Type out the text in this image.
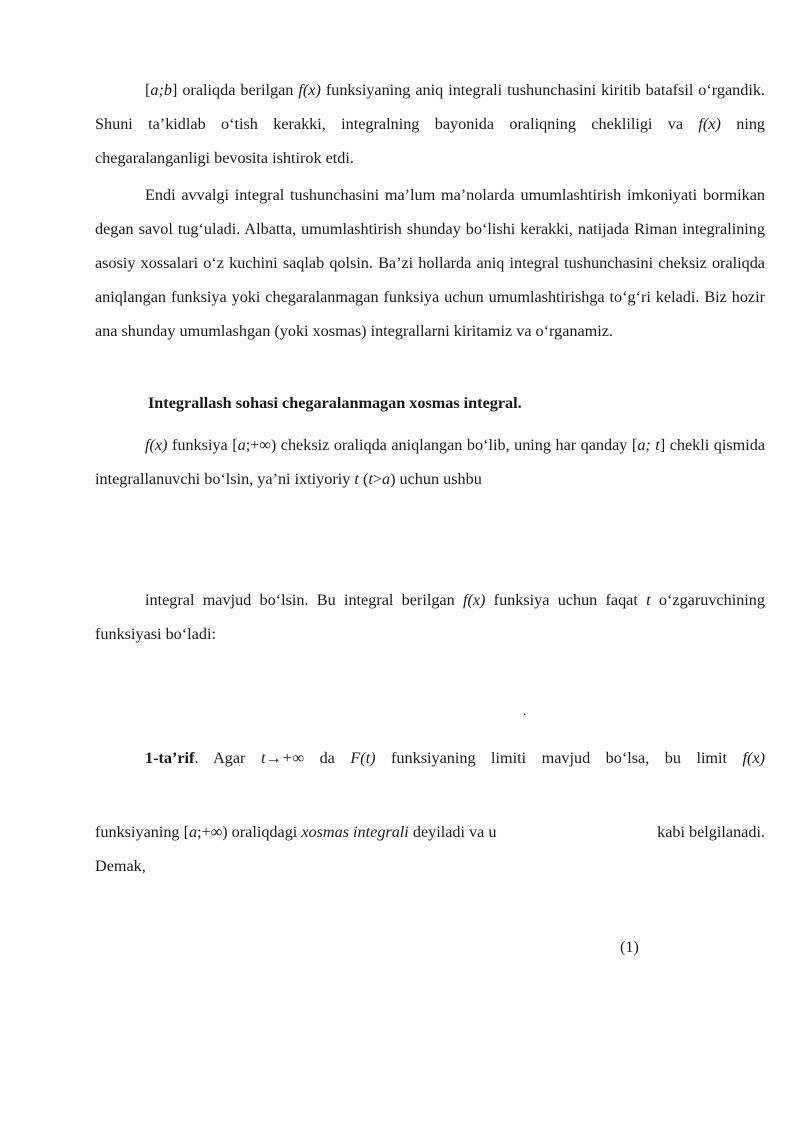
[a;b] oraliqda berilgan f(x) funksiyaning aniq integrali tushunchasini kiritib batafsil o‘rgandik. Shuni ta’kidlab o‘tish kerakki, integralning bayonida oraliqning chekliligi va f(x) ning chegaralanganligi bevosita ishtirok etdi.

Endi avvalgi integral tushunchasini ma’lum ma’nolarda umumlashtirish imkoniyati bormikan degan savol tug‘uladi. Albatta, umumlashtirish shunday bo‘lishi kerakki, natijada Riman integralining asosiy xossalari o‘z kuchini saqlab qolsin. Ba’zi hollarda aniq integral tushunchasini cheksiz oraliqda aniqlangan funksiya yoki chegaralanmagan funksiya uchun umumlashtirishga to‘g‘ri keladi. Biz hozir ana shunday umumlashgan (yoki xosmas) integrallarni kiritamiz va o‘rganamiz.

Integrallash sohasi chegaralanmagan xosmas integral.

f(x) funksiya [a;+∞) cheksiz oraliqda aniqlangan bo‘lib, uning har qanday [a; t] chekli qismida integrallanuvchi bo‘lsin, ya’ni ixtiyoriy t (t>a) uchun ushbu

integral mavjud bo‘lsin. Bu integral berilgan f(x) funksiya uchun faqat t o‘zgaruvchining funksiyasi bo‘ladi:

.

1-ta’rif. Agar t→+∞ da F(t) funksiyaning limiti mavjud bo‘lsa, bu limit f(x)

funksiyaning [a;+∞) oraliqdagi xosmas integrali deyiladi va u	kabi belgilanadi.
Demak,
(1)
